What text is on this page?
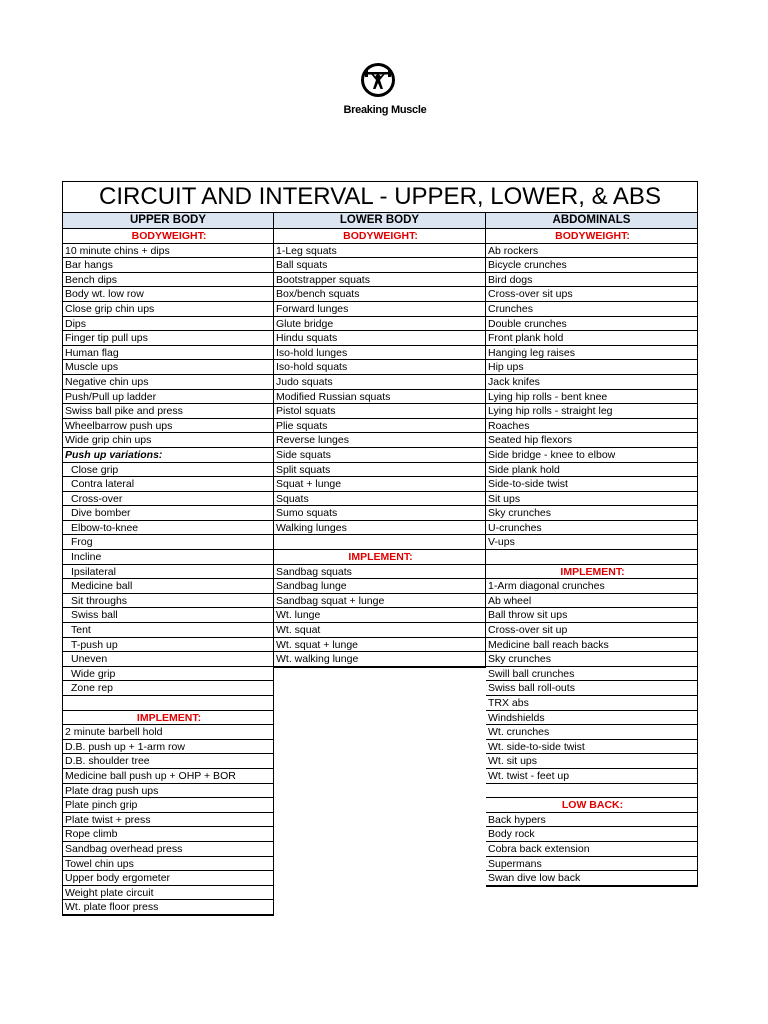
Breaking Muscle
CIRCUIT AND INTERVAL - UPPER, LOWER, & ABS
UPPER BODY
BODYWEIGHT:
10 minute chins + dips
Bar hangs
Bench dips
Body wt. low row
Close grip chin ups
Dips
Finger tip pull ups
Human flag
Muscle ups
Negative chin ups
Push/Pull up ladder
Swiss ball pike and press
Wheelbarrow push ups
Wide grip chin ups
Push up variations:
Close grip
Contra lateral
Cross-over
Dive bomber
Elbow-to-knee
Frog
Incline
Ipsilateral
Medicine ball
Sit throughs
Swiss ball
Tent
T-push up
Uneven
Wide grip
Zone rep

IMPLEMENT:
2 minute barbell hold
D.B. push up + 1-arm row
D.B. shoulder tree
Medicine ball push up + OHP + BOR
Plate drag push ups
Plate pinch grip
Plate twist + press
Rope climb
Sandbag overhead press
Towel chin ups
Upper body ergometer
Weight plate circuit
Wt. plate floor press
LOWER BODY
BODYWEIGHT:
1-Leg squats
Ball squats
Bootstrapper squats
Box/bench squats
Forward lunges
Glute bridge
Hindu squats
Iso-hold lunges
Iso-hold squats
Judo squats
Modified Russian squats
Pistol squats
Plie squats
Reverse lunges
Side squats
Split squats
Squat + lunge
Squats
Sumo squats
Walking lunges

IMPLEMENT:
Sandbag squats
Sandbag lunge
Sandbag squat + lunge
Wt. lunge
Wt. squat
Wt. squat + lunge
Wt. walking lunge
ABDOMINALS
BODYWEIGHT:
Ab rockers
Bicycle crunches
Bird dogs
Cross-over sit ups
Crunches
Double crunches
Front plank hold
Hanging leg raises
Hip ups
Jack knifes
Lying hip rolls - bent knee
Lying hip rolls - straight leg
Roaches
Seated hip flexors
Side bridge - knee to elbow
Side plank hold
Side-to-side twist
Sit ups
Sky crunches
U-crunches
V-ups

IMPLEMENT:
1-Arm diagonal crunches
Ab wheel
Ball throw sit ups
Cross-over sit up
Medicine ball reach backs
Sky crunches
Swill ball crunches
Swiss ball roll-outs
TRX abs
Windshields
Wt. crunches
Wt. side-to-side twist
Wt. sit ups
Wt. twist - feet up

LOW BACK:
Back hypers
Body rock
Cobra back extension
Supermans
Swan dive low back
